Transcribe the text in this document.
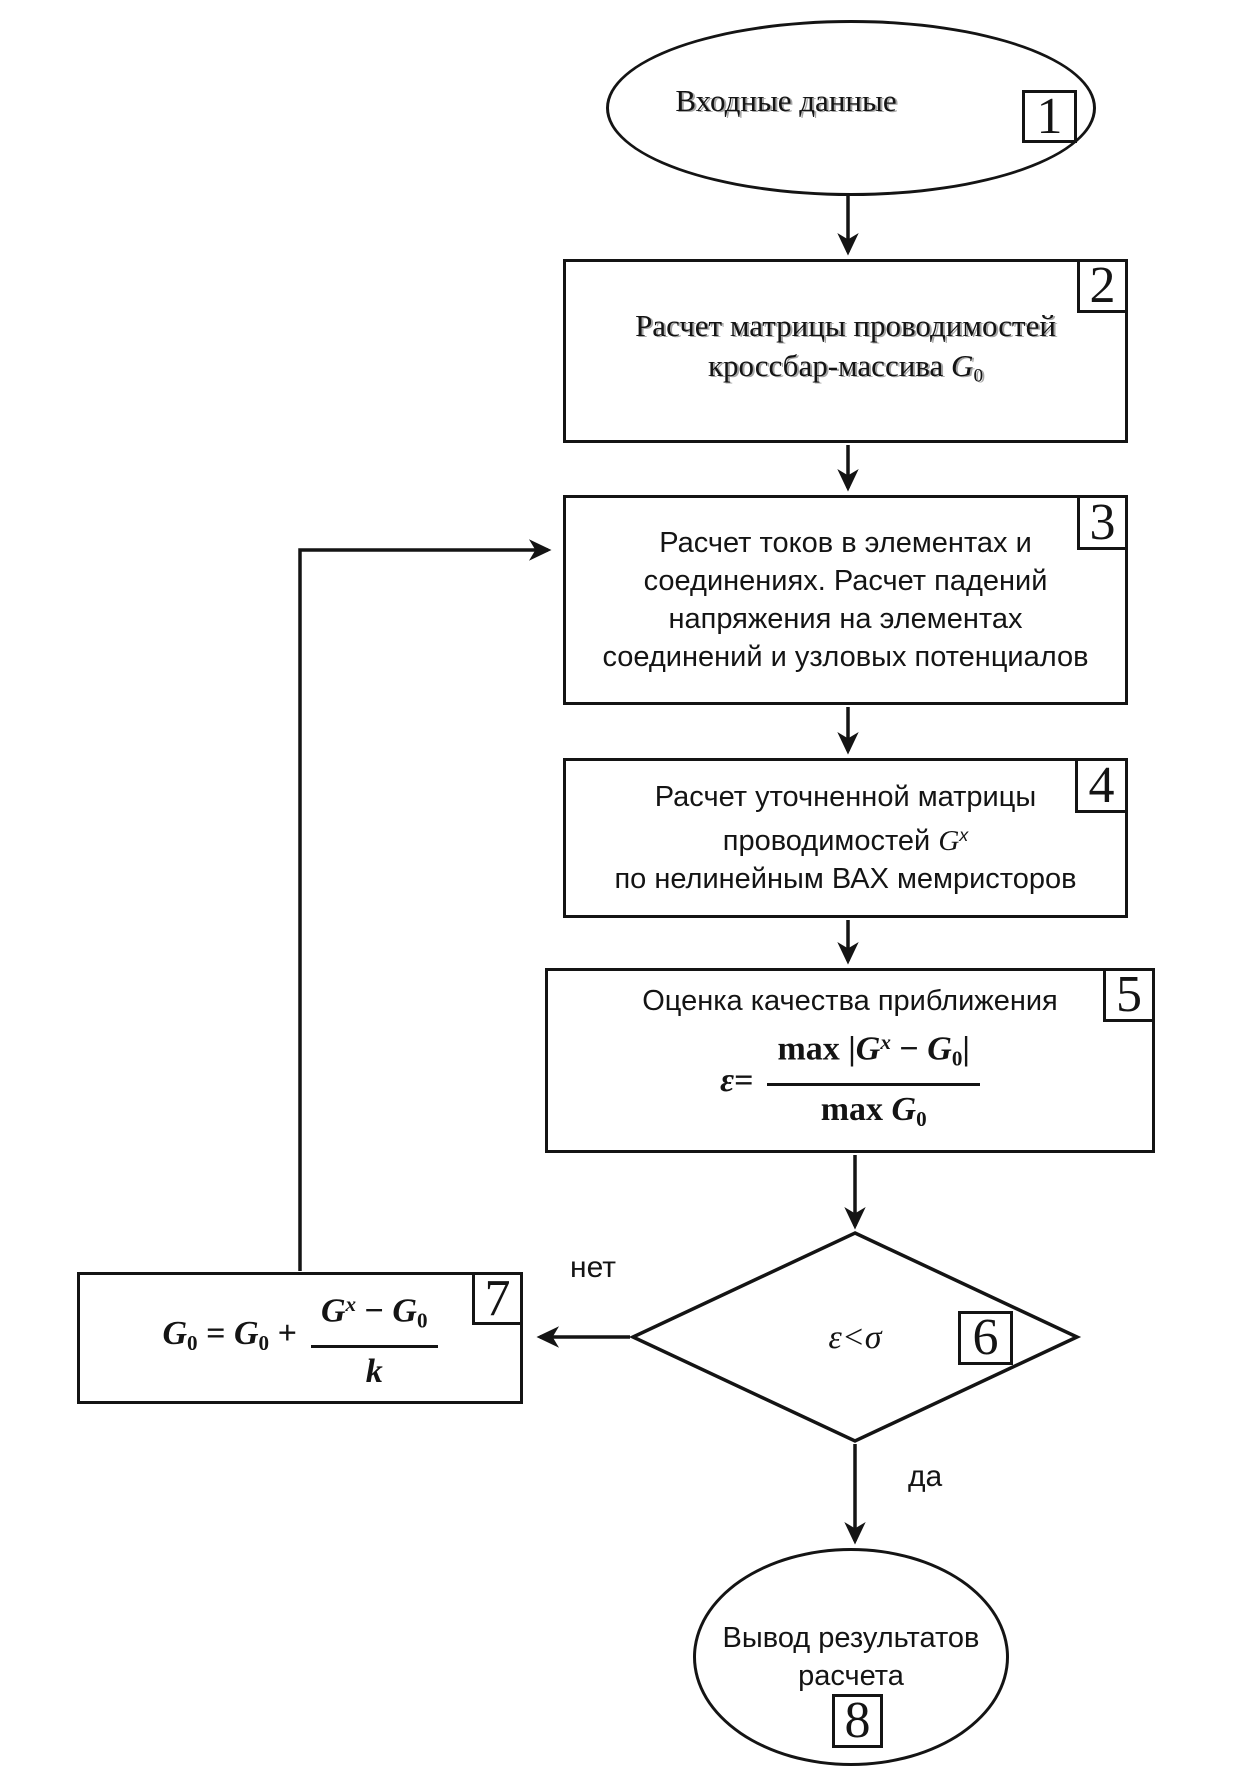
Входные данные	1
Расчет матрицы проводимостей
кроссбар-массива $G_0$
2
Расчет токов в элементах и
соединениях. Расчет падений
напряжения на элементах
соединений и узловых потенциалов
3
Расчет уточненной матрицы
проводимостей $G^x$
по нелинейным ВАХ мемристоров
4
Оценка качества приближения
$\varepsilon = \frac{\max |G^x - G_0|}{\max G_0}$
5
ε < σ 6
$G_0 = G_0 + \frac{G^x - G_0}{k} 7$
нет
да
Вывод результатов
расчета
8
